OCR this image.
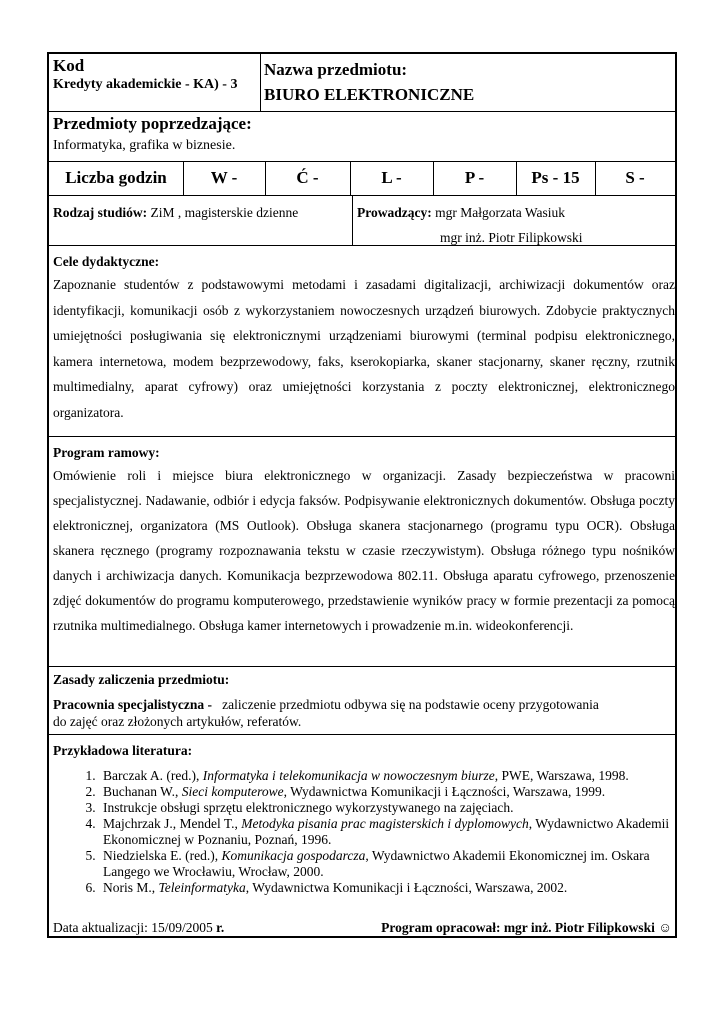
Kod
Kredyty akademickie - KA) - 3
Nazwa przedmiotu:
BIURO ELEKTRONICZNE
Przedmioty poprzedzające:
Informatyka, grafika w biznesie.
Liczba godzin	W -	Ć -	L -	P -	Ps - 15	S -
Rodzaj studiów: ZiM , magisterskie dzienne	Prowadzący: mgr Małgorzata Wasiuk
mgr inż. Piotr Filipkowski
Cele dydaktyczne:
Zapoznanie studentów z podstawowymi metodami i zasadami digitalizacji, archiwizacji dokumentów oraz identyfikacji, komunikacji osób z wykorzystaniem nowoczesnych urządzeń biurowych. Zdobycie praktycznych umiejętności posługiwania się elektronicznymi urządzeniami biurowymi (terminal podpisu elektronicznego, kamera internetowa, modem bezprzewodowy, faks, kserokopiarka, skaner stacjonarny, skaner ręczny, rzutnik multimedialny, aparat cyfrowy) oraz umiejętności korzystania z poczty elektronicznej, elektronicznego organizatora.
Program ramowy:
Omówienie roli i miejsce biura elektronicznego w organizacji. Zasady bezpieczeństwa w pracowni specjalistycznej. Nadawanie, odbiór i edycja faksów. Podpisywanie elektronicznych dokumentów. Obsługa poczty elektronicznej, organizatora (MS Outlook). Obsługa skanera stacjonarnego (programu typu OCR). Obsługa skanera ręcznego (programy rozpoznawania tekstu w czasie rzeczywistym). Obsługa różnego typu nośników danych i archiwizacja danych. Komunikacja bezprzewodowa 802.11. Obsługa aparatu cyfrowego, przenoszenie zdjęć dokumentów do programu komputerowego, przedstawienie wyników pracy w formie prezentacji za pomocą rzutnika multimedialnego. Obsługa kamer internetowych i prowadzenie m.in. wideokonferencji.
Zasady zaliczenia przedmiotu:
Pracownia specjalistyczna - zaliczenie przedmiotu odbywa się na podstawie oceny przygotowania
do zajęć oraz złożonych artykułów, referatów.
Przykładowa literatura:
1. Barczak A. (red.), Informatyka i telekomunikacja w nowoczesnym biurze, PWE, Warszawa, 1998.
2. Buchanan W., Sieci komputerowe, Wydawnictwa Komunikacji i Łączności, Warszawa, 1999.
3. Instrukcje obsługi sprzętu elektronicznego wykorzystywanego na zajęciach.
4. Majchrzak J., Mendel T., Metodyka pisania prac magisterskich i dyplomowych, Wydawnictwo Akademii Ekonomicznej w Poznaniu, Poznań, 1996.
5. Niedzielska E. (red.), Komunikacja gospodarcza, Wydawnictwo Akademii Ekonomicznej im. Oskara Langego we Wrocławiu, Wrocław, 2000.
6. Noris M., Teleinformatyka, Wydawnictwa Komunikacji i Łączności, Warszawa, 2002.
Data aktualizacji: 15/09/2005 r.	Program opracował: mgr inż. Piotr Filipkowski ☺
